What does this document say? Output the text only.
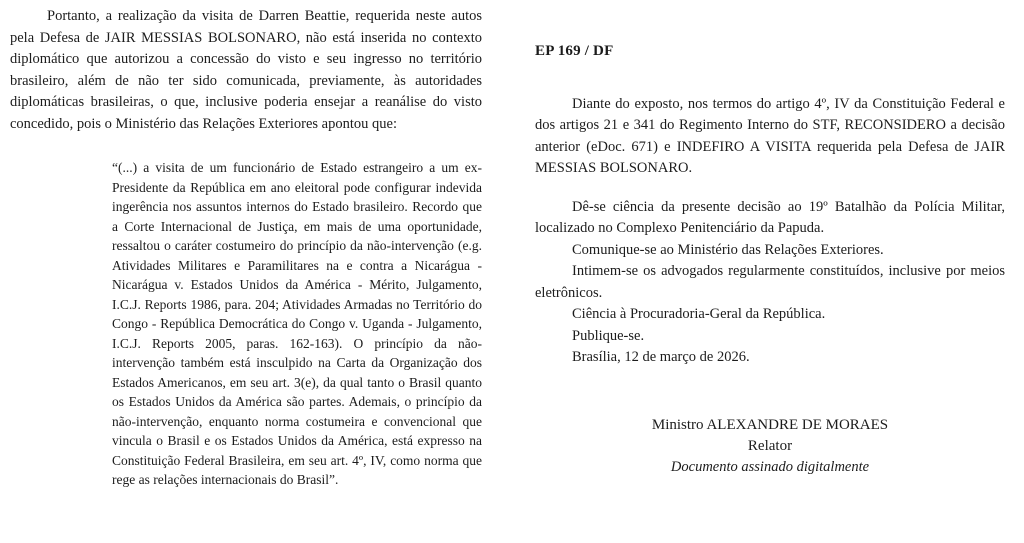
Portanto, a realização da visita de Darren Beattie, requerida neste autos pela Defesa de JAIR MESSIAS BOLSONARO, não está inserida no contexto diplomático que autorizou a concessão do visto e seu ingresso no território brasileiro, além de não ter sido comunicada, previamente, às autoridades diplomáticas brasileiras, o que, inclusive poderia ensejar a reanálise do visto concedido, pois o Ministério das Relações Exteriores apontou que:

“(...) a visita de um funcionário de Estado estrangeiro a um ex-Presidente da República em ano eleitoral pode configurar indevida ingerência nos assuntos internos do Estado brasileiro. Recordo que a Corte Internacional de Justiça, em mais de uma oportunidade, ressaltou o caráter costumeiro do princípio da não-intervenção (e.g. Atividades Militares e Paramilitares na e contra a Nicarágua - Nicarágua v. Estados Unidos da América - Mérito, Julgamento, I.C.J. Reports 1986, para. 204; Atividades Armadas no Território do Congo - República Democrática do Congo v. Uganda - Julgamento, I.C.J. Reports 2005, paras. 162-163). O princípio da não-intervenção também está insculpido na Carta da Organização dos Estados Americanos, em seu art. 3(e), da qual tanto o Brasil quanto os Estados Unidos da América são partes. Ademais, o princípio da não-intervenção, enquanto norma costumeira e convencional que vincula o Brasil e os Estados Unidos da América, está expresso na Constituição Federal Brasileira, em seu art. 4º, IV, como norma que rege as relações internacionais do Brasil”.
EP 169 / DF

Diante do exposto, nos termos do artigo 4º, IV da Constituição Federal e dos artigos 21 e 341 do Regimento Interno do STF, RECONSIDERO a decisão anterior (eDoc. 671) e INDEFIRO A VISITA requerida pela Defesa de JAIR MESSIAS BOLSONARO.

Dê-se ciência da presente decisão ao 19º Batalhão da Polícia Militar, localizado no Complexo Penitenciário da Papuda.

Comunique-se ao Ministério das Relações Exteriores.

Intimem-se os advogados regularmente constituídos, inclusive por meios eletrônicos.

Ciência à Procuradoria-Geral da República.

Publique-se.

Brasília, 12 de março de 2026.

Ministro ALEXANDRE DE MORAES
Relator
Documento assinado digitalmente
